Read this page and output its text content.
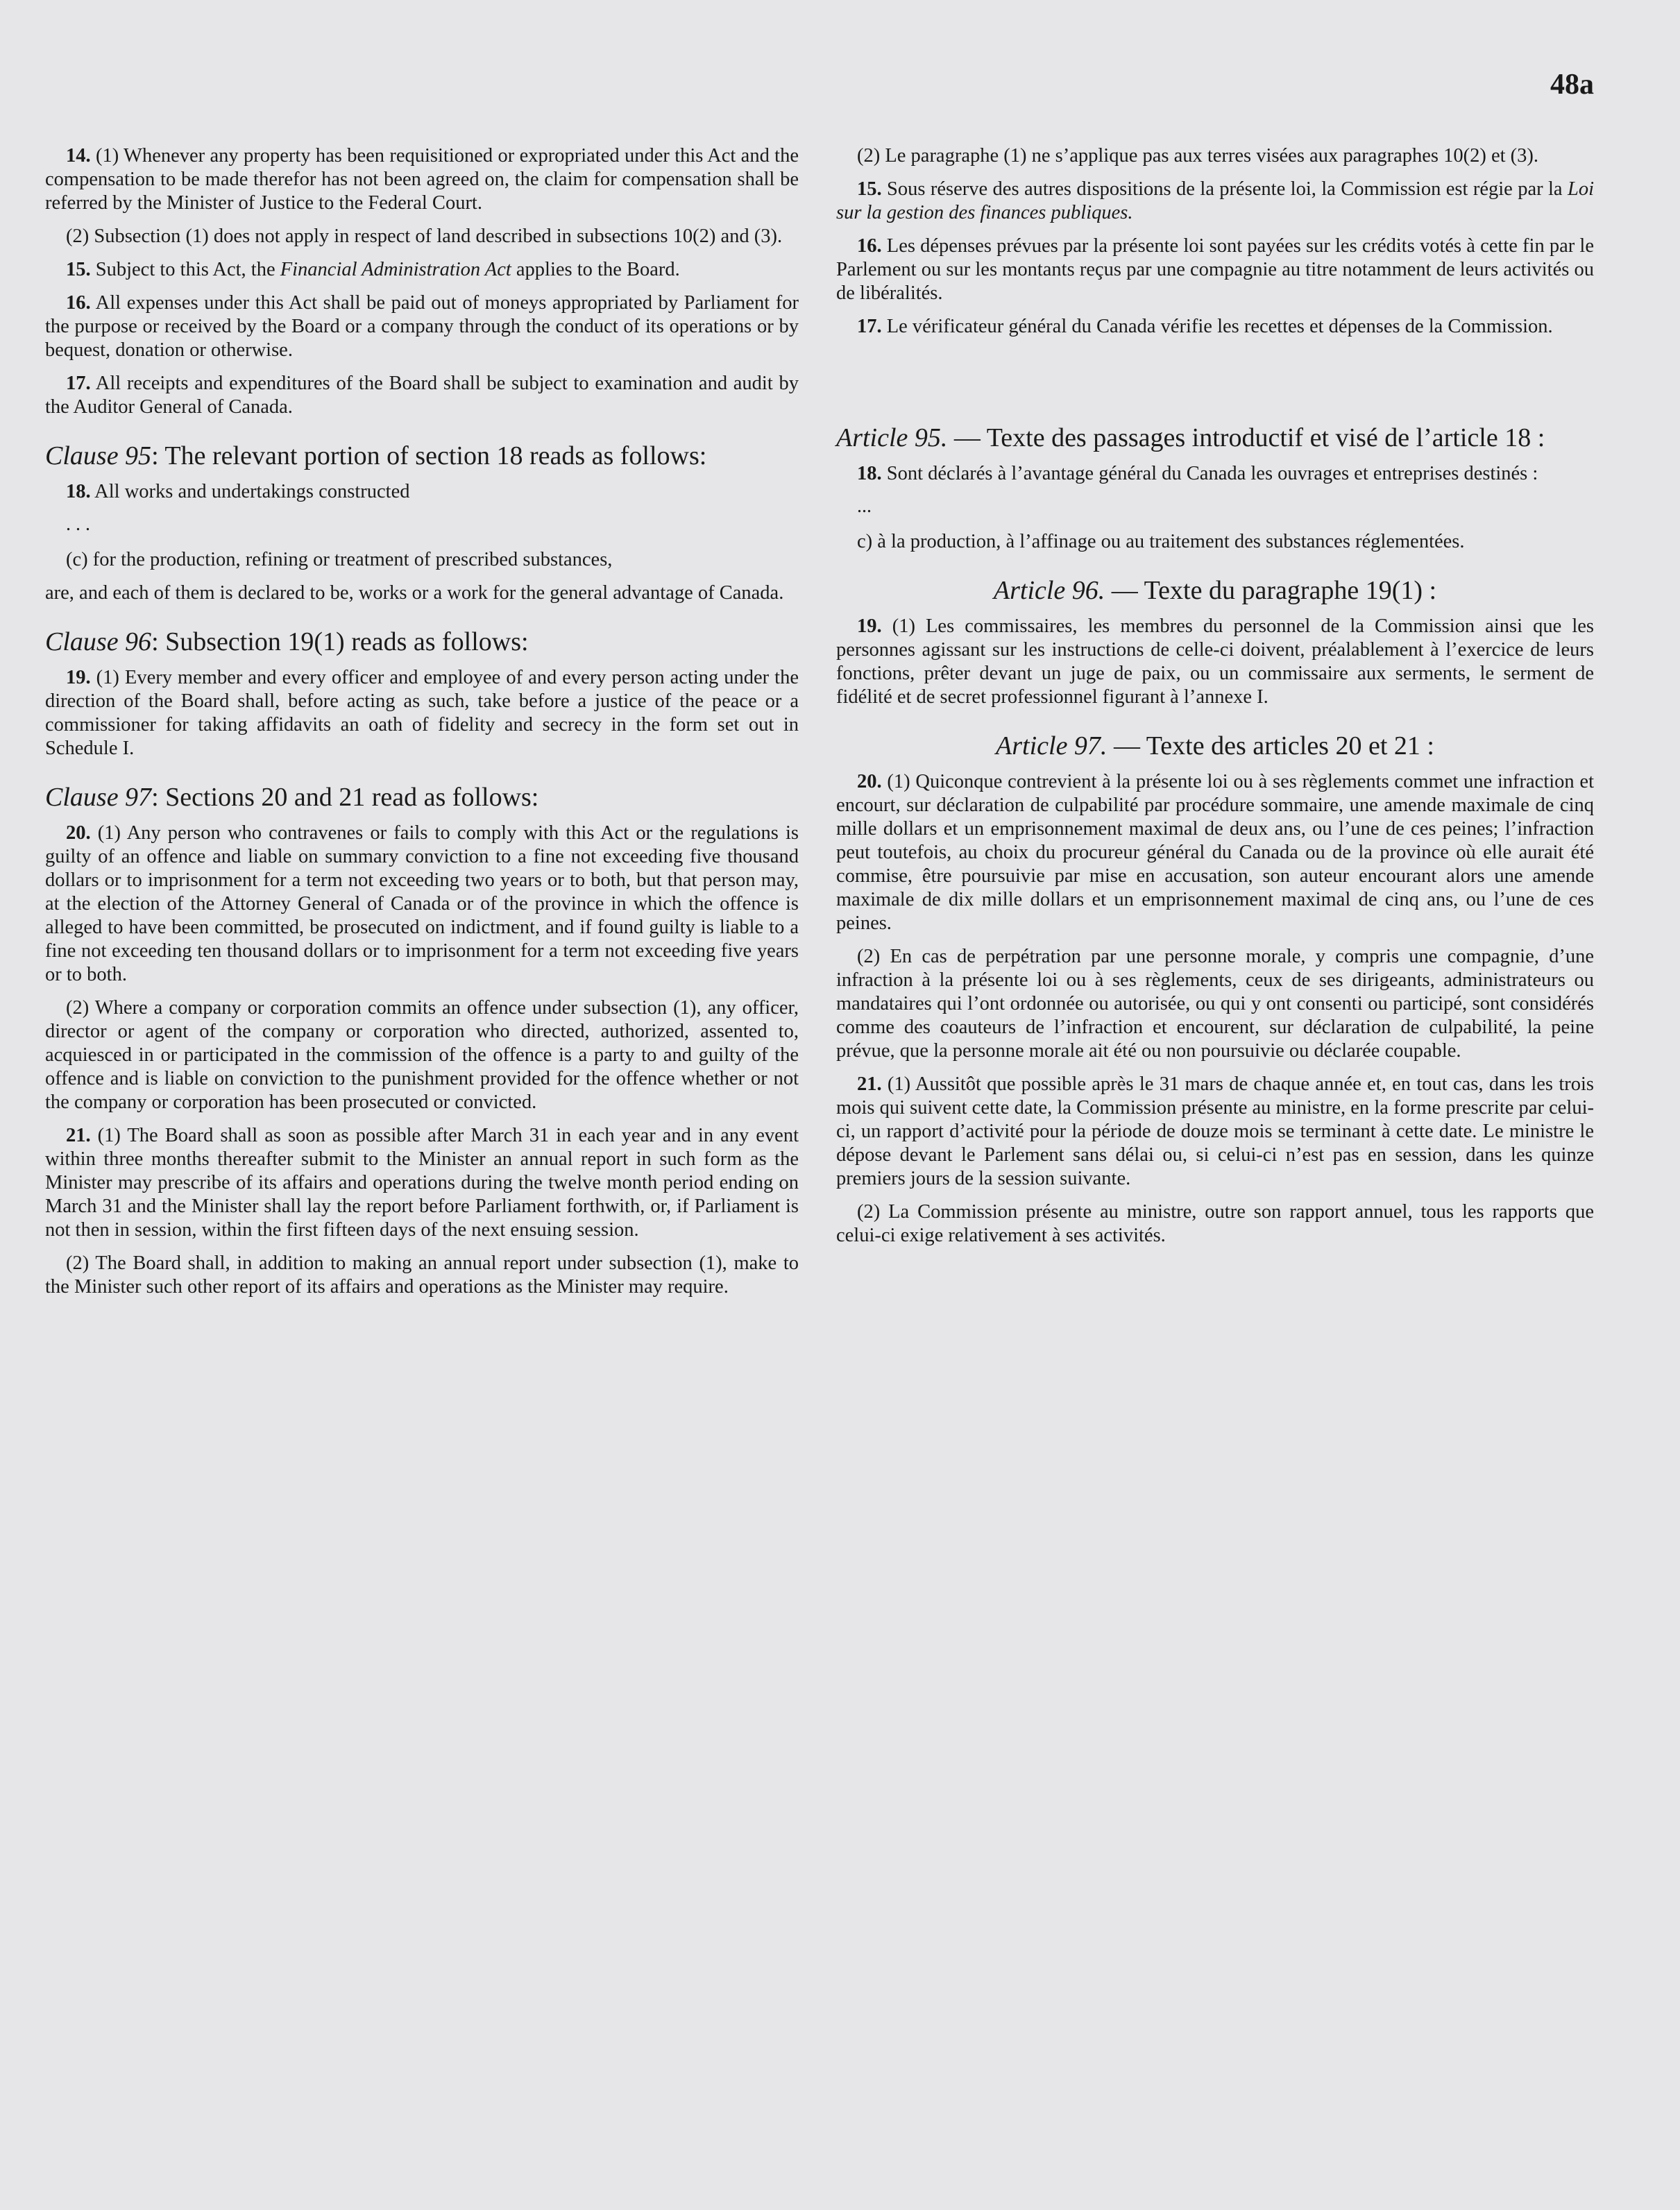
48a

14. (1) Whenever any property has been requisitioned or expropriated under this Act and the compensation to be made therefor has not been agreed on, the claim for compensation shall be referred by the Minister of Justice to the Federal Court.

(2) Subsection (1) does not apply in respect of land described in subsections 10(2) and (3).

15. Subject to this Act, the Financial Administration Act applies to the Board.

16. All expenses under this Act shall be paid out of moneys appropriated by Parliament for the purpose or received by the Board or a company through the conduct of its operations or by bequest, donation or otherwise.

17. All receipts and expenditures of the Board shall be subject to examination and audit by the Auditor General of Canada.

Clause 95: The relevant portion of section 18 reads as follows:

18. All works and undertakings constructed

. . .

(c) for the production, refining or treatment of prescribed substances,

are, and each of them is declared to be, works or a work for the general advantage of Canada.

Clause 96: Subsection 19(1) reads as follows:

19. (1) Every member and every officer and employee of and every person acting under the direction of the Board shall, before acting as such, take before a justice of the peace or a commissioner for taking affidavits an oath of fidelity and secrecy in the form set out in Schedule I.

Clause 97: Sections 20 and 21 read as follows:

20. (1) Any person who contravenes or fails to comply with this Act or the regulations is guilty of an offence and liable on summary conviction to a fine not exceeding five thousand dollars or to imprisonment for a term not exceeding two years or to both, but that person may, at the election of the Attorney General of Canada or of the province in which the offence is alleged to have been committed, be prosecuted on indictment, and if found guilty is liable to a fine not exceeding ten thousand dollars or to imprisonment for a term not exceeding five years or to both.

(2) Where a company or corporation commits an offence under subsection (1), any officer, director or agent of the company or corporation who directed, authorized, assented to, acquiesced in or participated in the commission of the offence is a party to and guilty of the offence and is liable on conviction to the punishment provided for the offence whether or not the company or corporation has been prosecuted or convicted.

21. (1) The Board shall as soon as possible after March 31 in each year and in any event within three months thereafter submit to the Minister an annual report in such form as the Minister may prescribe of its affairs and operations during the twelve month period ending on March 31 and the Minister shall lay the report before Parliament forthwith, or, if Parliament is not then in session, within the first fifteen days of the next ensuing session.

(2) The Board shall, in addition to making an annual report under subsection (1), make to the Minister such other report of its affairs and operations as the Minister may require.

(2) Le paragraphe (1) ne s’applique pas aux terres visées aux paragraphes 10(2) et (3).

15. Sous réserve des autres dispositions de la présente loi, la Commission est régie par la Loi sur la gestion des finances publiques.

16. Les dépenses prévues par la présente loi sont payées sur les crédits votés à cette fin par le Parlement ou sur les montants reçus par une compagnie au titre notamment de leurs activités ou de libéralités.

17. Le vérificateur général du Canada vérifie les recettes et dépenses de la Commission.

Article 95. — Texte des passages introductif et visé de l’article 18 :

18. Sont déclarés à l’avantage général du Canada les ouvrages et entreprises destinés :

...

c) à la production, à l’affinage ou au traitement des substances réglementées.

Article 96. — Texte du paragraphe 19(1) :

19. (1) Les commissaires, les membres du personnel de la Commission ainsi que les personnes agissant sur les instructions de celle-ci doivent, préalablement à l’exercice de leurs fonctions, prêter devant un juge de paix, ou un commissaire aux serments, le serment de fidélité et de secret professionnel figurant à l’annexe I.

Article 97. — Texte des articles 20 et 21 :

20. (1) Quiconque contrevient à la présente loi ou à ses règlements commet une infraction et encourt, sur déclaration de culpabilité par procédure sommaire, une amende maximale de cinq mille dollars et un emprisonnement maximal de deux ans, ou l’une de ces peines; l’infraction peut toutefois, au choix du procureur général du Canada ou de la province où elle aurait été commise, être poursuivie par mise en accusation, son auteur encourant alors une amende maximale de dix mille dollars et un emprisonnement maximal de cinq ans, ou l’une de ces peines.

(2) En cas de perpétration par une personne morale, y compris une compagnie, d’une infraction à la présente loi ou à ses règlements, ceux de ses dirigeants, administrateurs ou mandataires qui l’ont ordonnée ou autorisée, ou qui y ont consenti ou participé, sont considérés comme des coauteurs de l’infraction et encourent, sur déclaration de culpabilité, la peine prévue, que la personne morale ait été ou non poursuivie ou déclarée coupable.

21. (1) Aussitôt que possible après le 31 mars de chaque année et, en tout cas, dans les trois mois qui suivent cette date, la Commission présente au ministre, en la forme prescrite par celui-ci, un rapport d’activité pour la période de douze mois se terminant à cette date. Le ministre le dépose devant le Parlement sans délai ou, si celui-ci n’est pas en session, dans les quinze premiers jours de la session suivante.

(2) La Commission présente au ministre, outre son rapport annuel, tous les rapports que celui-ci exige relativement à ses activités.
